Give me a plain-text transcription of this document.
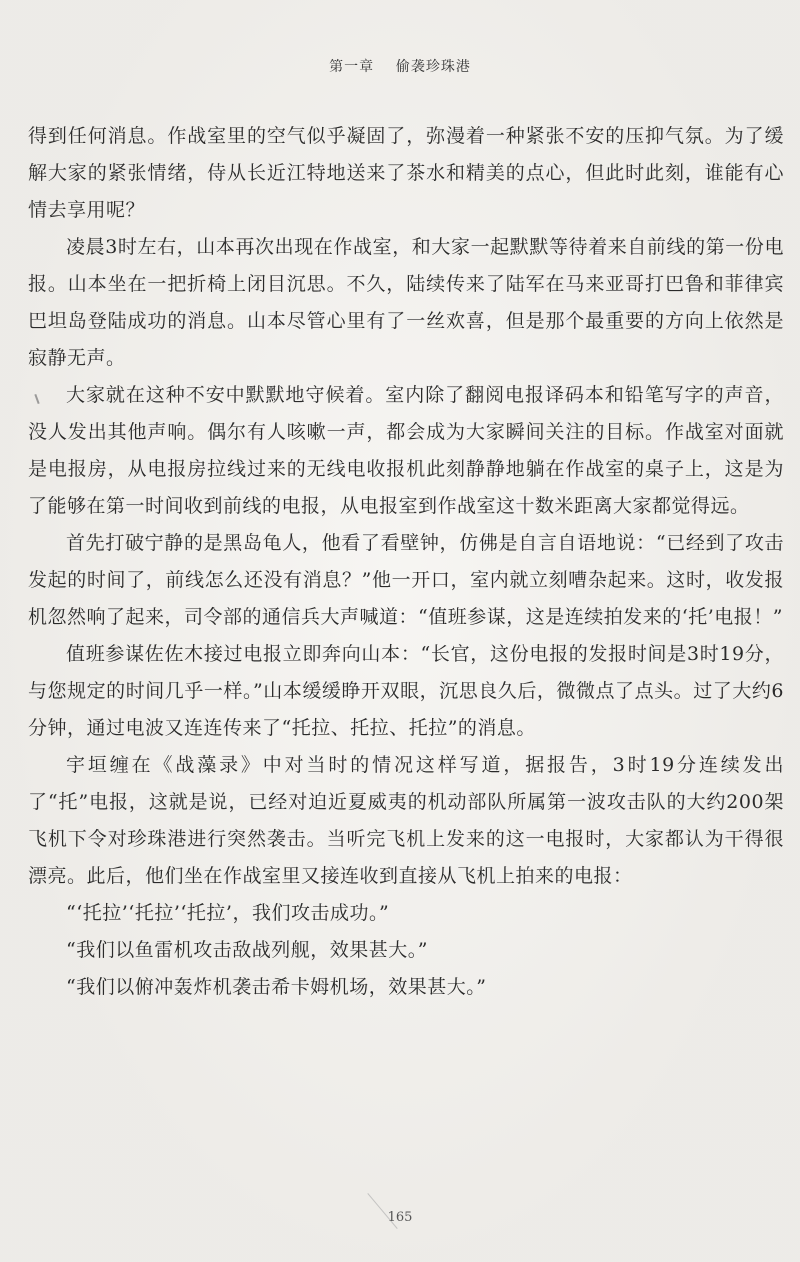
第一章 偷袭珍珠港

得到任何消息。作战室里的空气似乎凝固了，弥漫着一种紧张不安的压抑气氛。为了缓解大家的紧张情绪，侍从长近江特地送来了茶水和精美的点心，但此时此刻，谁能有心情去享用呢？

凌晨3时左右，山本再次出现在作战室，和大家一起默默等待着来自前线的第一份电报。山本坐在一把折椅上闭目沉思。不久，陆续传来了陆军在马来亚哥打巴鲁和菲律宾巴坦岛登陆成功的消息。山本尽管心里有了一丝欢喜，但是那个最重要的方向上依然是寂静无声。

大家就在这种不安中默默地守候着。室内除了翻阅电报译码本和铅笔写字的声音，没人发出其他声响。偶尔有人咳嗽一声，都会成为大家瞬间关注的目标。作战室对面就是电报房，从电报房拉线过来的无线电收报机此刻静静地躺在作战室的桌子上，这是为了能够在第一时间收到前线的电报，从电报室到作战室这十数米距离大家都觉得远。

首先打破宁静的是黑岛龟人，他看了看壁钟，仿佛是自言自语地说：“已经到了攻击发起的时间了，前线怎么还没有消息？”他一开口，室内就立刻嘈杂起来。这时，收发报机忽然响了起来，司令部的通信兵大声喊道：“值班参谋，这是连续拍发来的‘托’电报！”

值班参谋佐佐木接过电报立即奔向山本：“长官，这份电报的发报时间是3时19分，与您规定的时间几乎一样。”山本缓缓睁开双眼，沉思良久后，微微点了点头。过了大约6分钟，通过电波又连连传来了“托拉、托拉、托拉”的消息。

宇垣缠在《战藻录》中对当时的情况这样写道，据报告，3时19分连续发出了“托”电报，这就是说，已经对迫近夏威夷的机动部队所属第一波攻击队的大约200架飞机下令对珍珠港进行突然袭击。当听完飞机上发来的这一电报时，大家都认为干得很漂亮。此后，他们坐在作战室里又接连收到直接从飞机上拍来的电报：

“‘托拉’‘托拉’‘托拉’，我们攻击成功。”

“我们以鱼雷机攻击敌战列舰，效果甚大。”

“我们以俯冲轰炸机袭击希卡姆机场，效果甚大。”

165
